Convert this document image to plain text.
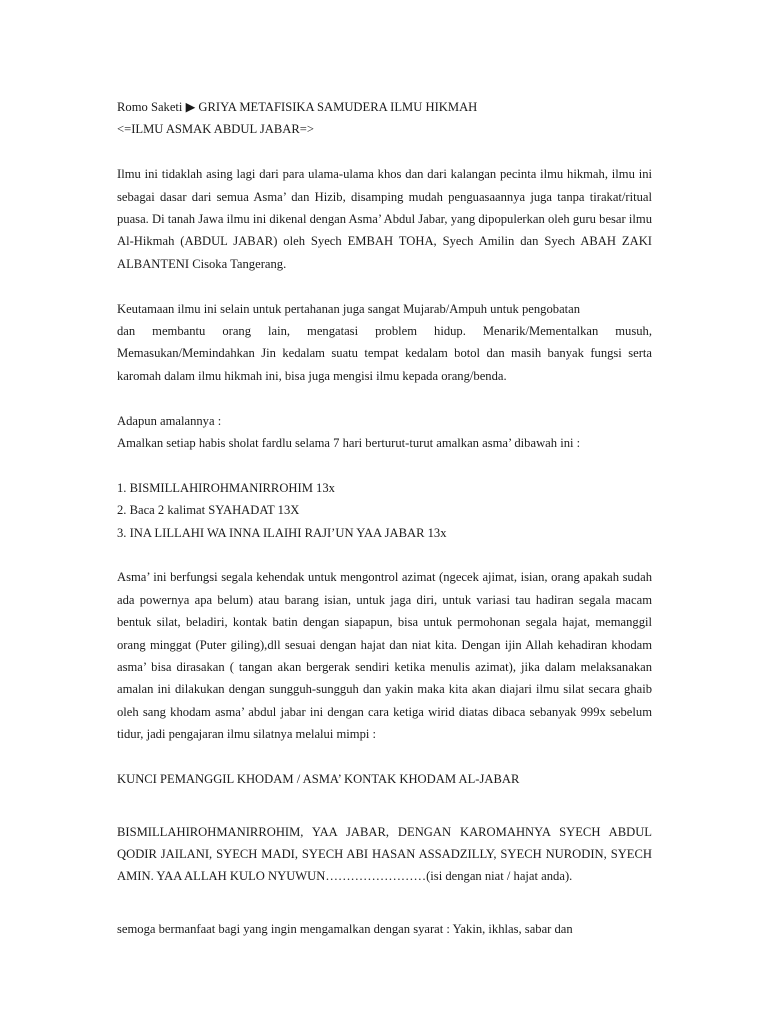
Romo Saketi ▶ GRIYA METAFISIKA SAMUDERA ILMU HIKMAH
<=ILMU ASMAK ABDUL JABAR=>
Ilmu ini tidaklah asing lagi dari para ulama-ulama khos dan dari kalangan pecinta ilmu hikmah, ilmu ini sebagai dasar dari semua Asma’ dan Hizib, disamping mudah penguasaannya juga tanpa tirakat/ritual puasa. Di tanah Jawa ilmu ini dikenal dengan Asma’ Abdul Jabar, yang dipopulerkan oleh guru besar ilmu Al-Hikmah (ABDUL JABAR) oleh Syech EMBAH TOHA, Syech Amilin dan Syech ABAH ZAKI ALBANTENI Cisoka Tangerang.
Keutamaan ilmu ini selain untuk pertahanan juga sangat Mujarab/Ampuh untuk pengobatan
dan membantu orang lain, mengatasi problem hidup. Menarik/Mementalkan musuh, Memasukan/Memindahkan Jin kedalam suatu tempat kedalam botol dan masih banyak fungsi serta karomah dalam ilmu hikmah ini, bisa juga mengisi ilmu kepada orang/benda.
Adapun amalannya :
Amalkan setiap habis sholat fardlu selama 7 hari berturut-turut amalkan asma’ dibawah ini :
1. BISMILLAHIROHMANIRROHIM 13x
2. Baca 2 kalimat SYAHADAT 13X
3. INA LILLAHI WA INNA ILAIHI RAJI’UN YAA JABAR 13x
Asma’ ini berfungsi segala kehendak untuk mengontrol azimat (ngecek ajimat, isian, orang apakah sudah ada powernya apa belum) atau barang isian, untuk jaga diri, untuk variasi tau hadiran segala macam bentuk silat, beladiri, kontak batin dengan siapapun, bisa untuk permohonan segala hajat, memanggil orang minggat (Puter giling),dll sesuai dengan hajat dan niat kita. Dengan ijin Allah kehadiran khodam asma’ bisa dirasakan ( tangan akan bergerak sendiri ketika menulis azimat), jika dalam melaksanakan amalan ini dilakukan dengan sungguh-sungguh dan yakin maka kita akan diajari ilmu silat secara ghaib oleh sang khodam asma’ abdul jabar ini dengan cara ketiga wirid diatas dibaca sebanyak 999x sebelum tidur, jadi pengajaran ilmu silatnya melalui mimpi :
KUNCI PEMANGGIL KHODAM / ASMA’ KONTAK KHODAM AL-JABAR
BISMILLAHIROHMANIRROHIM, YAA JABAR, DENGAN KAROMAHNYA SYECH ABDUL QODIR JAILANI, SYECH MADI, SYECH ABI HASAN ASSADZILLY, SYECH NURODIN, SYECH AMIN. YAA ALLAH KULO NYUWUN……………………(isi dengan niat / hajat anda).
semoga bermanfaat bagi yang ingin mengamalkan dengan syarat : Yakin, ikhlas, sabar dan
